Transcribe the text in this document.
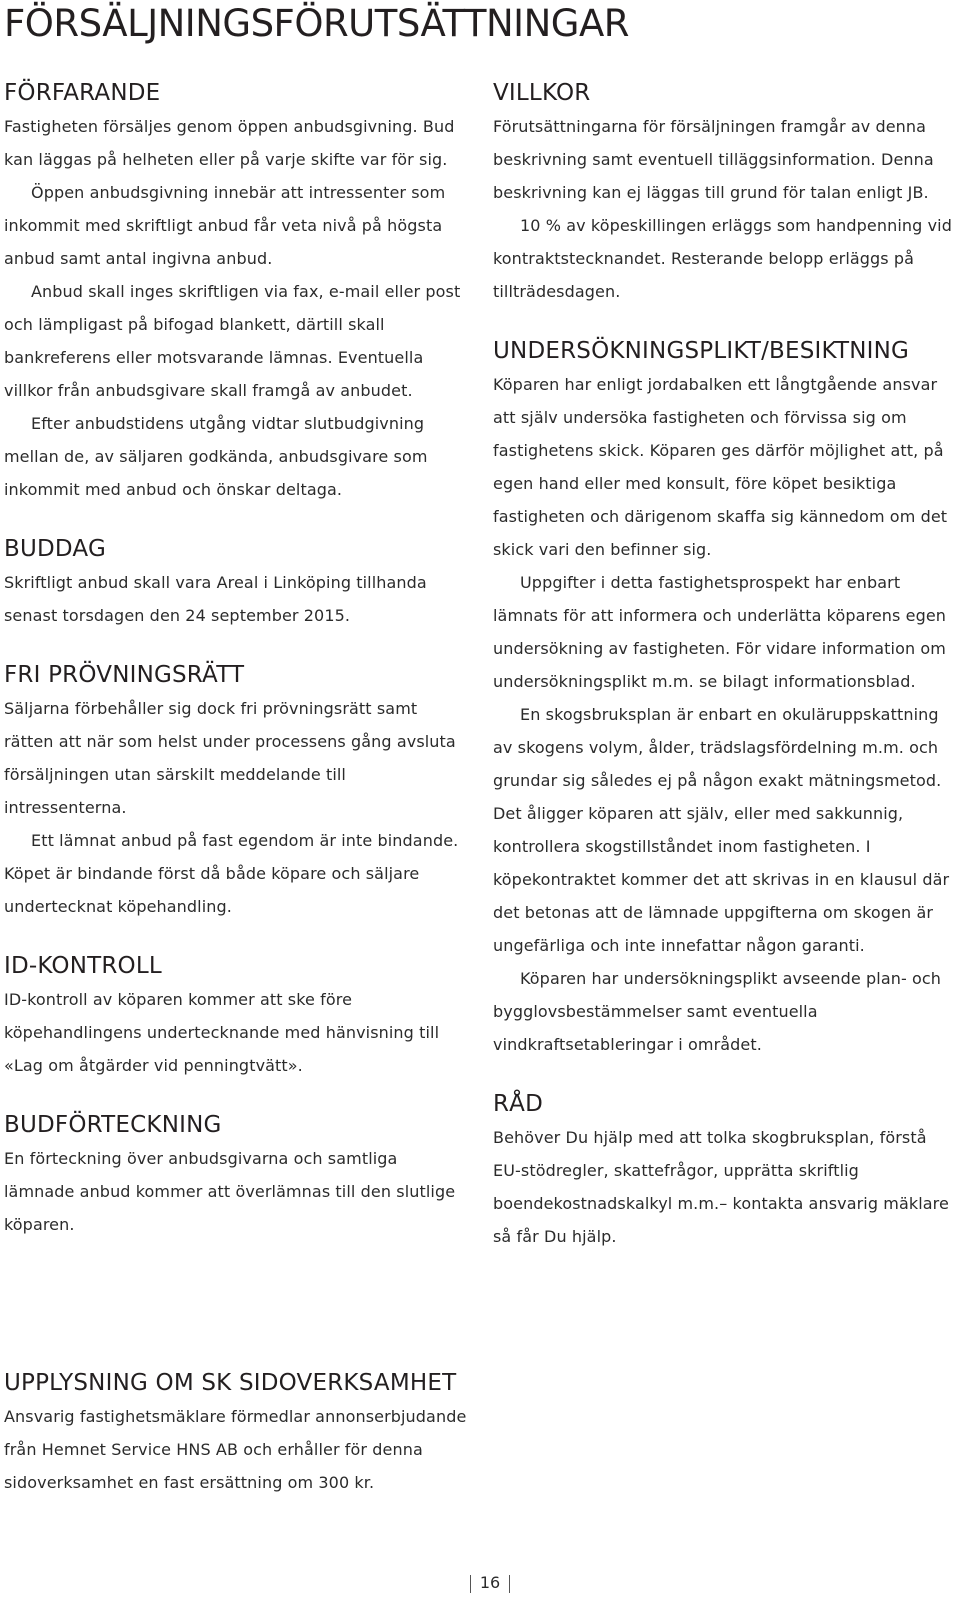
FÖRSÄLJNINGSFÖRUTSÄTTNINGAR
FÖRFARANDE

Fastigheten försäljes genom öppen anbudsgivning. Bud kan läggas på helheten eller på varje skifte var för sig.

Öppen anbudsgivning innebär att intressenter som inkommit med skriftligt anbud får veta nivå på högsta anbud samt antal ingivna anbud.

Anbud skall inges skriftligen via fax, e-mail eller post och lämpligast på bifogad blankett, därtill skall bankreferens eller motsvarande lämnas. Eventuella villkor från anbudsgivare skall framgå av anbudet.

Efter anbudstidens utgång vidtar slutbudgivning mellan de, av säljaren godkända, anbudsgivare som inkommit med anbud och önskar deltaga.

BUDDAG

Skriftligt anbud skall vara Areal i Linköping tillhanda senast torsdagen den 24 september 2015.

FRI PRÖVNINGSRÄTT

Säljarna förbehåller sig dock fri prövningsrätt samt rätten att när som helst under processens gång avsluta försäljningen utan särskilt meddelande till intressenterna.

Ett lämnat anbud på fast egendom är inte bindande. Köpet är bindande först då både köpare och säljare undertecknat köpehandling.

ID-KONTROLL

ID-kontroll av köparen kommer att ske före köpehandlingens undertecknande med hänvisning till «Lag om åtgärder vid penningtvätt».

BUDFÖRTECKNING

En förteckning över anbudsgivarna och samtliga lämnade anbud kommer att överlämnas till den slutlige köparen.

VILLKOR

Förutsättningarna för försäljningen framgår av denna beskrivning samt eventuell tilläggsinformation. Denna beskrivning kan ej läggas till grund för talan enligt JB.

10 % av köpeskillingen erläggs som handpenning vid kontraktstecknandet. Resterande belopp erläggs på tillträdesdagen.

UNDERSÖKNINGSPLIKT/BESIKTNING

Köparen har enligt jordabalken ett långtgående ansvar att själv undersöka fastigheten och förvissa sig om fastighetens skick. Köparen ges därför möjlighet att, på egen hand eller med konsult, före köpet besiktiga fastigheten och därigenom skaffa sig kännedom om det skick vari den befinner sig.

Uppgifter i detta fastighetsprospekt har enbart lämnats för att informera och underlätta köparens egen undersökning av fastigheten. För vidare information om undersökningsplikt m.m. se bilagt informationsblad.

En skogsbruksplan är enbart en okuläruppskattning av skogens volym, ålder, trädslagsfördelning m.m. och grundar sig således ej på någon exakt mätningsmetod. Det åligger köparen att själv, eller med sakkunnig, kontrollera skogstillståndet inom fastigheten. I köpekontraktet kommer det att skrivas in en klausul där det betonas att de lämnade uppgifterna om skogen är ungefärliga och inte innefattar någon garanti.

Köparen har undersökningsplikt avseende plan- och bygglovsbestämmelser samt eventuella vindkraftsetableringar i området.

RÅD

Behöver Du hjälp med att tolka skogbruksplan, förstå EU-stödregler, skattefrågor, upprätta skriftlig boendekostnadskalkyl m.m.– kontakta ansvarig mäklare så får Du hjälp.

UPPLYSNING OM SK SIDOVERKSAMHET

Ansvarig fastighetsmäklare förmedlar annonserbjudande från Hemnet Service HNS AB och erhåller för denna sidoverksamhet en fast ersättning om 300 kr.

16
